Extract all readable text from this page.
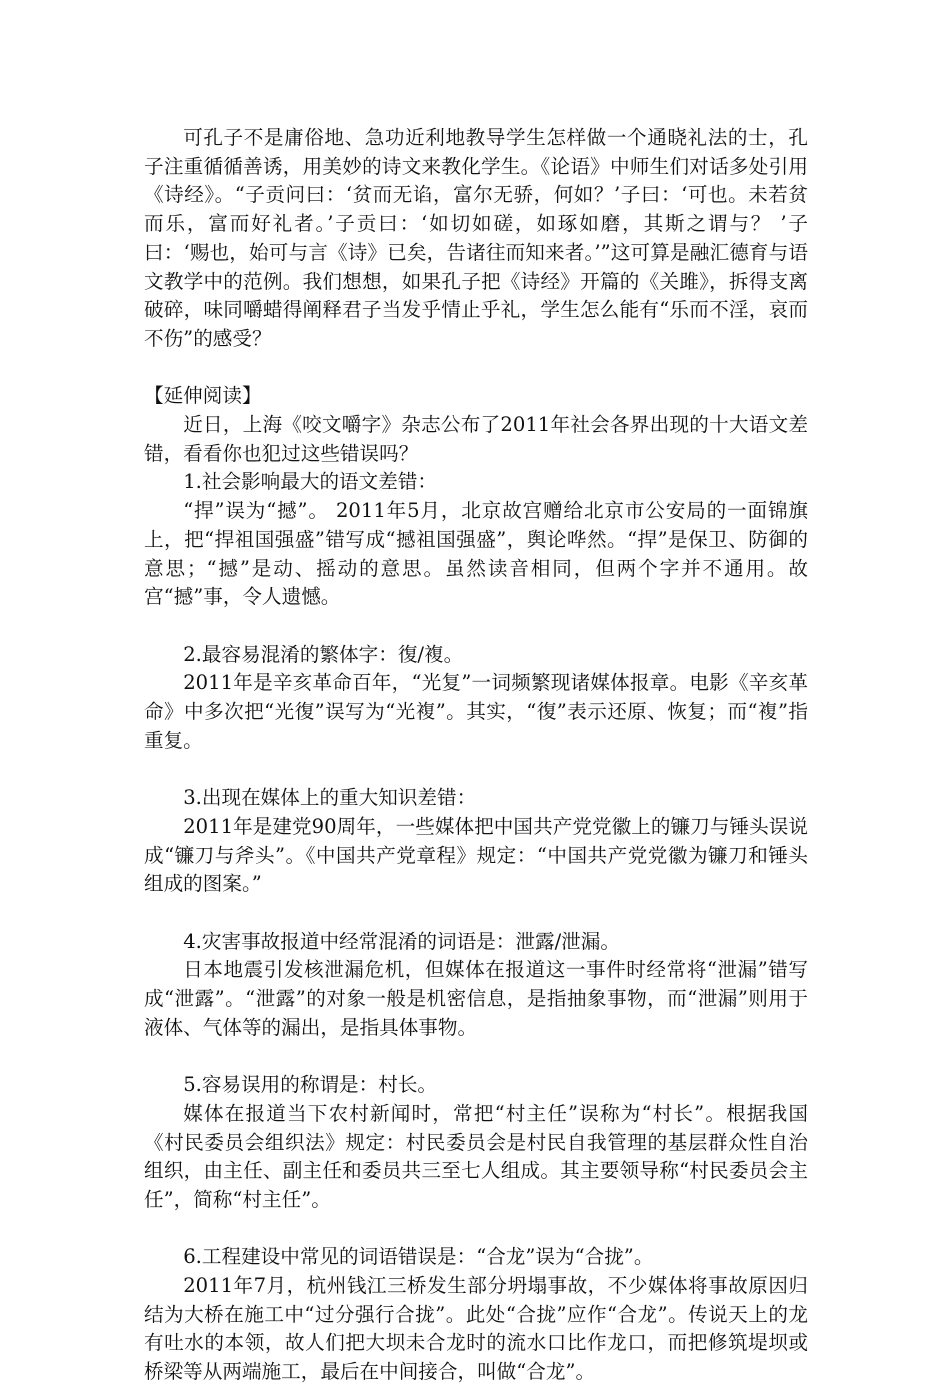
可孔子不是庸俗地、急功近利地教导学生怎样做一个通晓礼法的士，孔子注重循循善诱，用美妙的诗文来教化学生。《论语》中师生们对话多处引用《诗经》。“子贡问曰：‘贫而无谄，富尔无骄，何如？’子曰：‘可也。未若贫而乐，富而好礼者。’子贡曰：‘如切如磋，如琢如磨，其斯之谓与？ ’子曰：‘赐也，始可与言《诗》已矣，告诸往而知来者。’”这可算是融汇德育与语文教学中的范例。我们想想，如果孔子把《诗经》开篇的《关雎》，拆得支离破碎，味同嚼蜡得阐释君子当发乎情止乎礼，学生怎么能有“乐而不淫，哀而不伤”的感受？

【延伸阅读】

近日，上海《咬文嚼字》杂志公布了2011年社会各界出现的十大语文差错，看看你也犯过这些错误吗？

1.社会影响最大的语文差错：

“捍”误为“撼”。 2011年5月，北京故宫赠给北京市公安局的一面锦旗上，把“捍祖国强盛”错写成“撼祖国强盛”，舆论哗然。“捍”是保卫、防御的意思；“撼”是动、摇动的意思。虽然读音相同，但两个字并不通用。故宫“撼”事，令人遗憾。

2.最容易混淆的繁体字：復/複。

2011年是辛亥革命百年，“光复”一词频繁现诸媒体报章。电影《辛亥革命》中多次把“光復”误写为“光複”。其实，“復”表示还原、恢复；而“複”指重复。

3.出现在媒体上的重大知识差错：

2011年是建党90周年，一些媒体把中国共产党党徽上的镰刀与锤头误说成“镰刀与斧头”。《中国共产党章程》规定：“中国共产党党徽为镰刀和锤头组成的图案。”

4.灾害事故报道中经常混淆的词语是：泄露/泄漏。

日本地震引发核泄漏危机，但媒体在报道这一事件时经常将“泄漏”错写成“泄露”。“泄露”的对象一般是机密信息，是指抽象事物，而“泄漏”则用于液体、气体等的漏出，是指具体事物。

5.容易误用的称谓是：村长。

媒体在报道当下农村新闻时，常把“村主任”误称为“村长”。根据我国《村民委员会组织法》规定：村民委员会是村民自我管理的基层群众性自治组织，由主任、副主任和委员共三至七人组成。其主要领导称“村民委员会主任”，简称“村主任”。

6.工程建设中常见的词语错误是：“合龙”误为“合拢”。

2011年7月，杭州钱江三桥发生部分坍塌事故，不少媒体将事故原因归结为大桥在施工中“过分强行合拢”。此处“合拢”应作“合龙”。传说天上的龙有吐水的本领，故人们把大坝未合龙时的流水口比作龙口，而把修筑堤坝或桥梁等从两端施工，最后在中间接合，叫做“合龙”。
